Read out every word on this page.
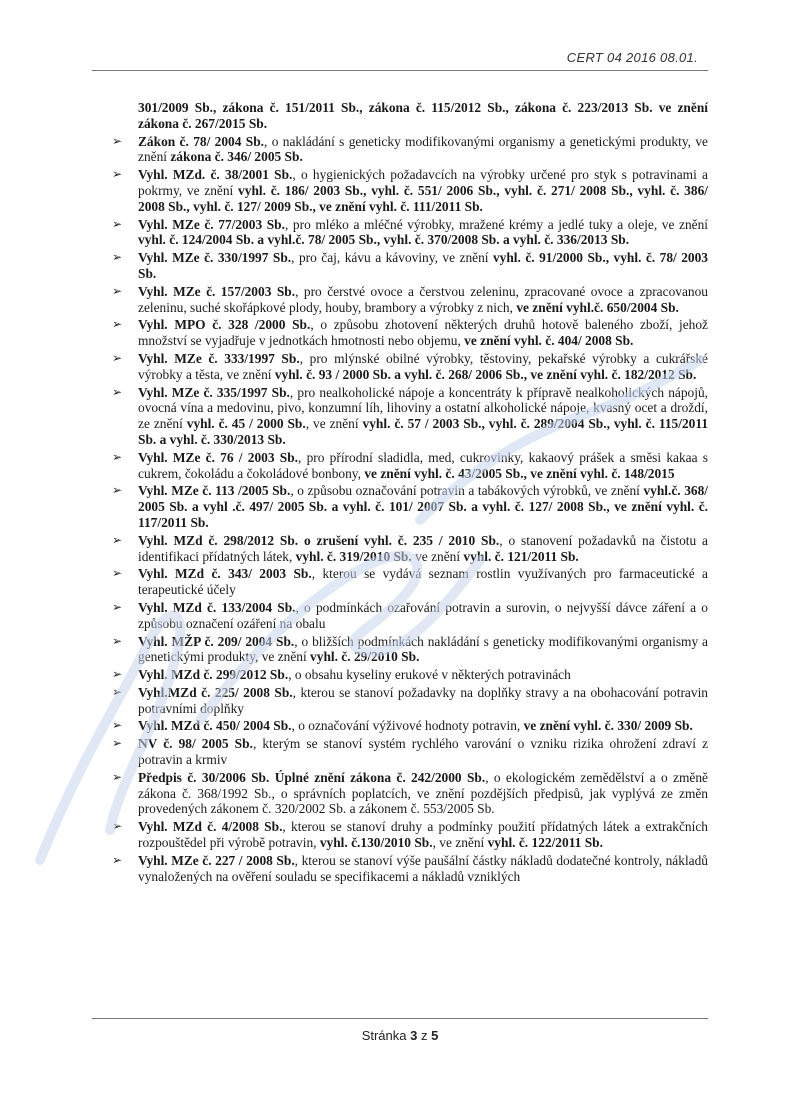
CERT 04 2016 08.01.

301/2009 Sb., zákona č. 151/2011 Sb., zákona č. 115/2012 Sb., zákona č. 223/2013 Sb. ve znění zákona č. 267/2015 Sb.

➢ Zákon č. 78/ 2004 Sb., o nakládání s geneticky modifikovanými organismy a genetickými produkty, ve znění zákona č. 346/ 2005 Sb.
➢ Vyhl. MZd. č. 38/2001 Sb., o hygienických požadavcích na výrobky určené pro styk s potravinami a pokrmy, ve znění vyhl. č. 186/ 2003 Sb., vyhl. č. 551/ 2006 Sb., vyhl. č. 271/ 2008 Sb., vyhl. č. 386/ 2008 Sb., vyhl. č. 127/ 2009 Sb., ve znění vyhl. č. 111/2011 Sb.
➢ Vyhl. MZe č. 77/2003 Sb., pro mléko a mléčné výrobky, mražené krémy a jedlé tuky a oleje, ve znění vyhl. č. 124/2004 Sb. a vyhl.č. 78/ 2005 Sb., vyhl. č. 370/2008 Sb. a vyhl. č. 336/2013 Sb.
➢ Vyhl. MZe č. 330/1997 Sb., pro čaj, kávu a kávoviny, ve znění vyhl. č. 91/2000 Sb., vyhl. č. 78/ 2003 Sb.
➢ Vyhl. MZe č. 157/2003 Sb., pro čerstvé ovoce a čerstvou zeleninu, zpracované ovoce a zpracovanou zeleninu, suché skořápkové plody, houby, brambory a výrobky z nich, ve znění vyhl.č. 650/2004 Sb.
➢ Vyhl. MPO č. 328 /2000 Sb., o způsobu zhotovení některých druhů hotově baleného zboží, jehož množství se vyjadřuje v jednotkách hmotnosti nebo objemu, ve znění vyhl. č. 404/ 2008 Sb.
➢ Vyhl. MZe č. 333/1997 Sb., pro mlýnské obilné výrobky, těstoviny, pekařské výrobky a cukrářské výrobky a těsta, ve znění vyhl. č. 93 / 2000 Sb. a vyhl. č. 268/ 2006 Sb., ve znění vyhl. č. 182/2012 Sb.
➢ Vyhl. MZe č. 335/1997 Sb., pro nealkoholické nápoje a koncentráty k přípravě nealkoholických nápojů, ovocná vína a medovinu, pivo, konzumní líh, lihoviny a ostatní alkoholické nápoje, kvasný ocet a droždí, ze znění vyhl. č. 45 / 2000 Sb., ve znění vyhl. č. 57 / 2003 Sb., vyhl. č. 289/2004 Sb., vyhl. č. 115/2011 Sb. a vyhl. č. 330/2013 Sb.
➢ Vyhl. MZe č. 76 / 2003 Sb., pro přírodní sladidla, med, cukrovinky, kakaový prášek a směsi kakaa s cukrem, čokoládu a čokoládové bonbony, ve znění vyhl. č. 43/2005 Sb., ve znění vyhl. č. 148/2015
➢ Vyhl. MZe č. 113 /2005 Sb., o způsobu označování potravin a tabákových výrobků, ve znění vyhl.č. 368/ 2005 Sb. a vyhl .č. 497/ 2005 Sb. a vyhl. č. 101/ 2007 Sb. a vyhl. č. 127/ 2008 Sb., ve znění vyhl. č. 117/2011 Sb.
➢ Vyhl. MZd č. 298/2012 Sb. o zrušení vyhl. č. 235 / 2010 Sb., o stanovení požadavků na čistotu a identifikaci přídatných látek, vyhl. č. 319/2010 Sb. ve znění vyhl. č. 121/2011 Sb.
➢ Vyhl. MZd č. 343/ 2003 Sb., kterou se vydává seznam rostlin využívaných pro farmaceutické a terapeutické účely
➢ Vyhl. MZd č. 133/2004 Sb., o podmínkách ozařování potravin a surovin, o nejvyšší dávce záření a o způsobu označení ozáření na obalu
➢ Vyhl. MŽP č. 209/ 2004 Sb., o bližších podmínkách nakládání s geneticky modifikovanými organismy a genetickými produkty, ve znění vyhl. č. 29/2010 Sb.
➢ Vyhl. MZd č. 299/2012 Sb., o obsahu kyseliny erukové v některých potravinách
➢ Vyhl.MZd č. 225/ 2008 Sb., kterou se stanoví požadavky na doplňky stravy a na obohacování potravin potravními doplňky
➢ Vyhl. MZd č. 450/ 2004 Sb., o označování výživové hodnoty potravin, ve znění vyhl. č. 330/ 2009 Sb.
➢ NV č. 98/ 2005 Sb., kterým se stanoví systém rychlého varování o vzniku rizika ohrožení zdraví z potravin a krmiv
➢ Předpis č. 30/2006 Sb. Úplné znění zákona č. 242/2000 Sb., o ekologickém zemědělství a o změně zákona č. 368/1992 Sb., o správních poplatcích, ve znění pozdějších předpisů, jak vyplývá ze změn provedených zákonem č. 320/2002 Sb. a zákonem č. 553/2005 Sb.
➢ Vyhl. MZd č. 4/2008 Sb., kterou se stanoví druhy a podmínky použití přídatných látek a extrakčních rozpouštědel při výrobě potravin, vyhl. č.130/2010 Sb., ve znění vyhl. č. 122/2011 Sb.
➢ Vyhl. MZe č. 227 / 2008 Sb., kterou se stanoví výše paušální částky nákladů dodatečné kontroly, nákladů vynaložených na ověření souladu se specifikacemi a nákladů vzniklých
Stránka 3 z 5
